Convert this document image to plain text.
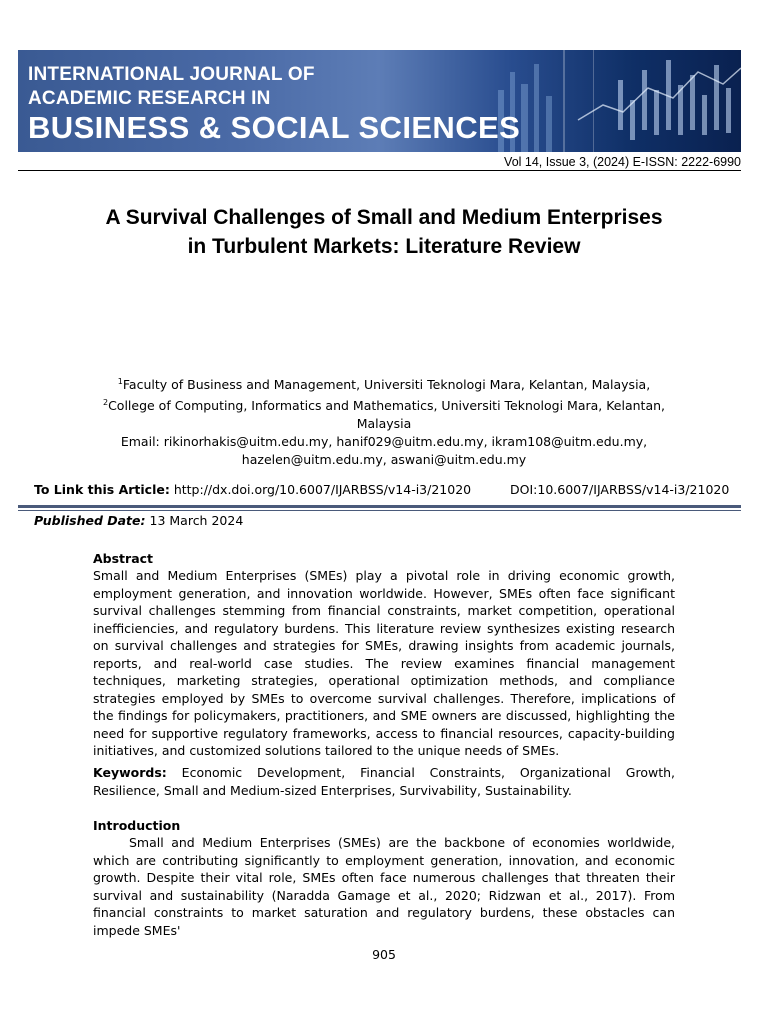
INTERNATIONAL JOURNAL OF
ACADEMIC RESEARCH IN
BUSINESS & SOCIAL SCIENCES
Vol 14, Issue 3, (2024) E-ISSN: 2222-6990
A Survival Challenges of Small and Medium Enterprises in Turbulent Markets: Literature Review
$^1$Faculty of Business and Management, Universiti Teknologi Mara, Kelantan, Malaysia,
$^2$College of Computing, Informatics and Mathematics, Universiti Teknologi Mara, Kelantan, Malaysia
Email: rikinorhakis@uitm.edu.my, hanif029@uitm.edu.my, ikram108@uitm.edu.my, hazelen@uitm.edu.my, aswani@uitm.edu.my
To Link this Article: http://dx.doi.org/10.6007/IJARBSS/v14-i3/21020	DOI:10.6007/IJARBSS/v14-i3/21020
Published Date: 13 March 2024
Abstract
Small and Medium Enterprises (SMEs) play a pivotal role in driving economic growth, employment generation, and innovation worldwide. However, SMEs often face significant survival challenges stemming from financial constraints, market competition, operational inefficiencies, and regulatory burdens. This literature review synthesizes existing research on survival challenges and strategies for SMEs, drawing insights from academic journals, reports, and real-world case studies. The review examines financial management techniques, marketing strategies, operational optimization methods, and compliance strategies employed by SMEs to overcome survival challenges. Therefore, implications of the findings for policymakers, practitioners, and SME owners are discussed, highlighting the need for supportive regulatory frameworks, access to financial resources, capacity-building initiatives, and customized solutions tailored to the unique needs of SMEs.
Keywords: Economic Development, Financial Constraints, Organizational Growth, Resilience, Small and Medium-sized Enterprises, Survivability, Sustainability.
Introduction
Small and Medium Enterprises (SMEs) are the backbone of economies worldwide, which are contributing significantly to employment generation, innovation, and economic growth. Despite their vital role, SMEs often face numerous challenges that threaten their survival and sustainability (Naradda Gamage et al., 2020; Ridzwan et al., 2017). From financial constraints to market saturation and regulatory burdens, these obstacles can impede SMEs'
905
